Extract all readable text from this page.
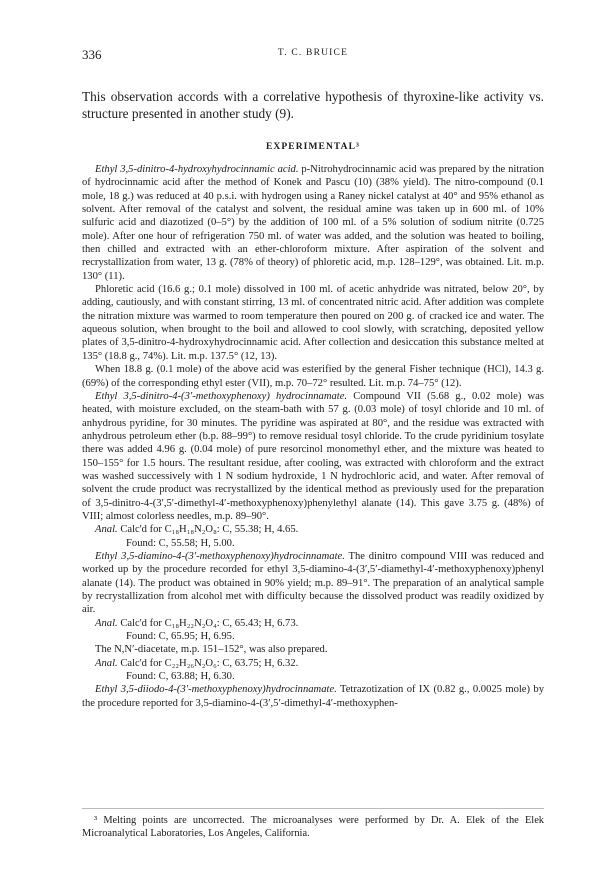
336	T. C. BRUICE

This observation accords with a correlative hypothesis of thyroxine-like activity vs. structure presented in another study (9).

EXPERIMENTAL³

Ethyl 3,5-dinitro-4-hydroxyhydrocinnamic acid. p-Nitrohydrocinnamic acid was prepared by the nitration of hydrocinnamic acid after the method of Konek and Pascu (10) (38% yield). The nitro-compound (0.1 mole, 18 g.) was reduced at 40 p.s.i. with hydrogen using a Raney nickel catalyst at 40° and 95% ethanol as solvent. After removal of the catalyst and solvent, the residual amine was taken up in 600 ml. of 10% sulfuric acid and diazotized (0–5°) by the addition of 100 ml. of a 5% solution of sodium nitrite (0.725 mole). After one hour of refrigeration 750 ml. of water was added, and the solution was heated to boiling, then chilled and extracted with an ether-chloroform mixture. After aspiration of the solvent and recrystallization from water, 13 g. (78% of theory) of phloretic acid, m.p. 128–129°, was obtained. Lit. m.p. 130° (11).

Phloretic acid (16.6 g.; 0.1 mole) dissolved in 100 ml. of acetic anhydride was nitrated, below 20°, by adding, cautiously, and with constant stirring, 13 ml. of concentrated nitric acid. After addition was complete the nitration mixture was warmed to room temperature then poured on 200 g. of cracked ice and water. The aqueous solution, when brought to the boil and allowed to cool slowly, with scratching, deposited yellow plates of 3,5-dinitro-4-hydroxyhydrocinnamic acid. After collection and desiccation this substance melted at 135° (18.8 g., 74%). Lit. m.p. 137.5° (12, 13).

When 18.8 g. (0.1 mole) of the above acid was esterified by the general Fisher technique (HCl), 14.3 g. (69%) of the corresponding ethyl ester (VII), m.p. 70–72° resulted. Lit. m.p. 74–75° (12).

Ethyl 3,5-dinitro-4-(3′-methoxyphenoxy) hydrocinnamate. Compound VII (5.68 g., 0.02 mole) was heated, with moisture excluded, on the steam-bath with 57 g. (0.03 mole) of tosyl chloride and 10 ml. of anhydrous pyridine, for 30 minutes. The pyridine was aspirated at 80°, and the residue was extracted with anhydrous petroleum ether (b.p. 88–99°) to remove residual tosyl chloride. To the crude pyridinium tosylate there was added 4.96 g. (0.04 mole) of pure resorcinol monomethyl ether, and the mixture was heated to 150–155° for 1.5 hours. The resultant residue, after cooling, was extracted with chloroform and the extract was washed successively with 1 N sodium hydroxide, 1 N hydrochloric acid, and water. After removal of solvent the crude product was recrystallized by the identical method as previously used for the preparation of 3,5-dinitro-4-(3′,5′-dimethyl-4′-methoxyphenoxy)phenylethyl alanate (14). This gave 3.75 g. (48%) of VIII; almost colorless needles, m.p. 89–90°.

Anal. Calc'd for C₁₈H₁₈N₂O₈: C, 55.38; H, 4.65.

Found: C, 55.58; H, 5.00.

Ethyl 3,5-diamino-4-(3′-methoxyphenoxy)hydrocinnamate. The dinitro compound VIII was reduced and worked up by the procedure recorded for ethyl 3,5-diamino-4-(3′,5′-diamethyl-4′-methoxyphenoxy)phenyl alanate (14). The product was obtained in 90% yield; m.p. 89–91°. The preparation of an analytical sample by recrystallization from alcohol met with difficulty because the dissolved product was readily oxidized by air.

Anal. Calc'd for C₁₈H₂₂N₂O₄: C, 65.43; H, 6.73.

Found: C, 65.95; H, 6.95.

The N,N′-diacetate, m.p. 151–152°, was also prepared.

Anal. Calc'd for C₂₂H₂₆N₂O₆: C, 63.75; H, 6.32.

Found: C, 63.88; H, 6.30.

Ethyl 3,5-diiodo-4-(3′-methoxyphenoxy)hydrocinnamate. Tetrazotization of IX (0.82 g., 0.0025 mole) by the procedure reported for 3,5-diamino-4-(3′,5′-dimethyl-4′-methoxyphen-

³ Melting points are uncorrected. The microanalyses were performed by Dr. A. Elek of the Elek Microanalytical Laboratories, Los Angeles, California.
